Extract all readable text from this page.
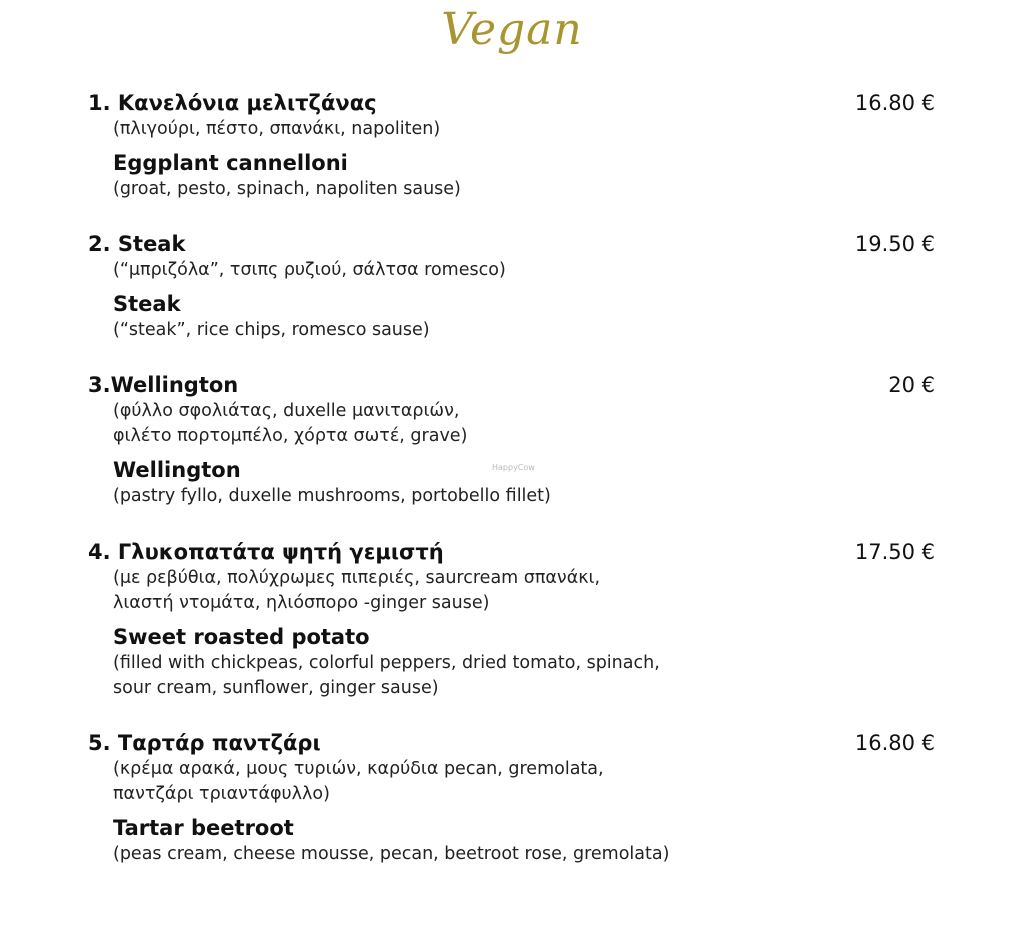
Vegan
1. Κανελόνια μελιτζάνας	16.80 €
(πλιγούρι, πέστο, σπανάκι, napoliten)
Eggplant cannelloni
(groat, pesto, spinach, napoliten sause)
2. Steak	19.50 €
(“μπριζόλα”, τσιπς ρυζιού, σάλτσα romesco)
Steak
(“steak”, rice chips, romesco sause)
3.Wellington	20 €
(φύλλο σφολιάτας, duxelle μανιταριών,
φιλέτο πορτομπέλο, χόρτα σωτέ, grave)
Wellington
(pastry fyllo, duxelle mushrooms, portobello fillet)
HappyCow
4. Γλυκοπατάτα ψητή γεμιστή	17.50 €
(με ρεβύθια, πολύχρωμες πιπεριές, saurcream σπανάκι,
λιαστή ντομάτα, ηλιόσπορο -ginger sause)
Sweet roasted potato
(filled with chickpeas, colorful peppers, dried tomato, spinach,
sour cream, sunflower, ginger sause)
5. Ταρτάρ παντζάρι	16.80 €
(κρέμα αρακά, μους τυριών, καρύδια pecan, gremolata,
παντζάρι τριαντάφυλλο)
Tartar beetroot
(peas cream, cheese mousse, pecan, beetroot rose, gremolata)
